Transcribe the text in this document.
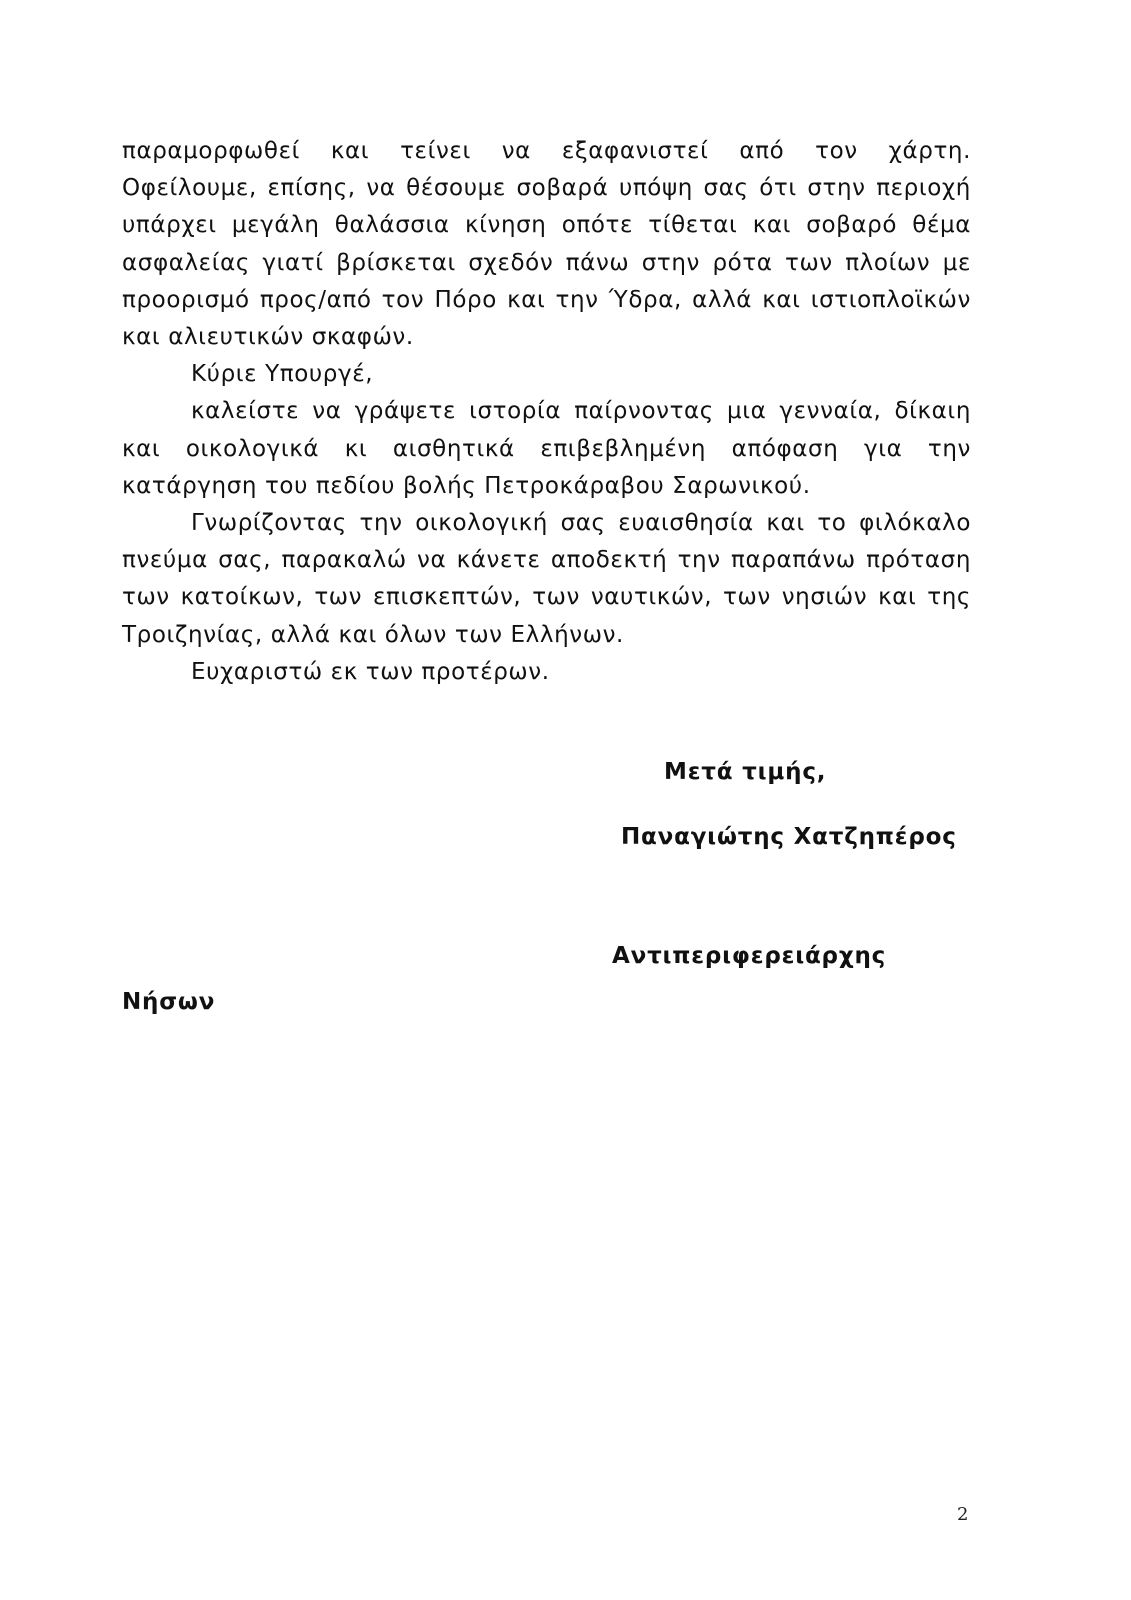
παραμορφωθεί και τείνει να εξαφανιστεί από τον χάρτη.

Οφείλουμε, επίσης, να θέσουμε σοβαρά υπόψη σας ότι στην περιοχή υπάρχει μεγάλη θαλάσσια κίνηση οπότε τίθεται και σοβαρό θέμα ασφαλείας γιατί βρίσκεται σχεδόν πάνω στην ρότα των πλοίων με προορισμό προς/από τον Πόρο και την Ύδρα, αλλά και ιστιοπλοϊκών και αλιευτικών σκαφών.

Κύριε Υπουργέ,

καλείστε να γράψετε ιστορία παίρνοντας μια γενναία, δίκαιη και οικολογικά κι αισθητικά επιβεβλημένη απόφαση για την κατάργηση του πεδίου βολής Πετροκάραβου Σαρωνικού.

Γνωρίζοντας την οικολογική σας ευαισθησία και το φιλόκαλο πνεύμα σας, παρακαλώ να κάνετε αποδεκτή την παραπάνω πρόταση των κατοίκων, των επισκεπτών, των ναυτικών, των νησιών και της Τροιζηνίας, αλλά και όλων των Ελλήνων.

Ευχαριστώ εκ των προτέρων.

Μετά τιμής,
Παναγιώτης Χατζηπέρος
Αντιπεριφερειάρχης
Νήσων
2
